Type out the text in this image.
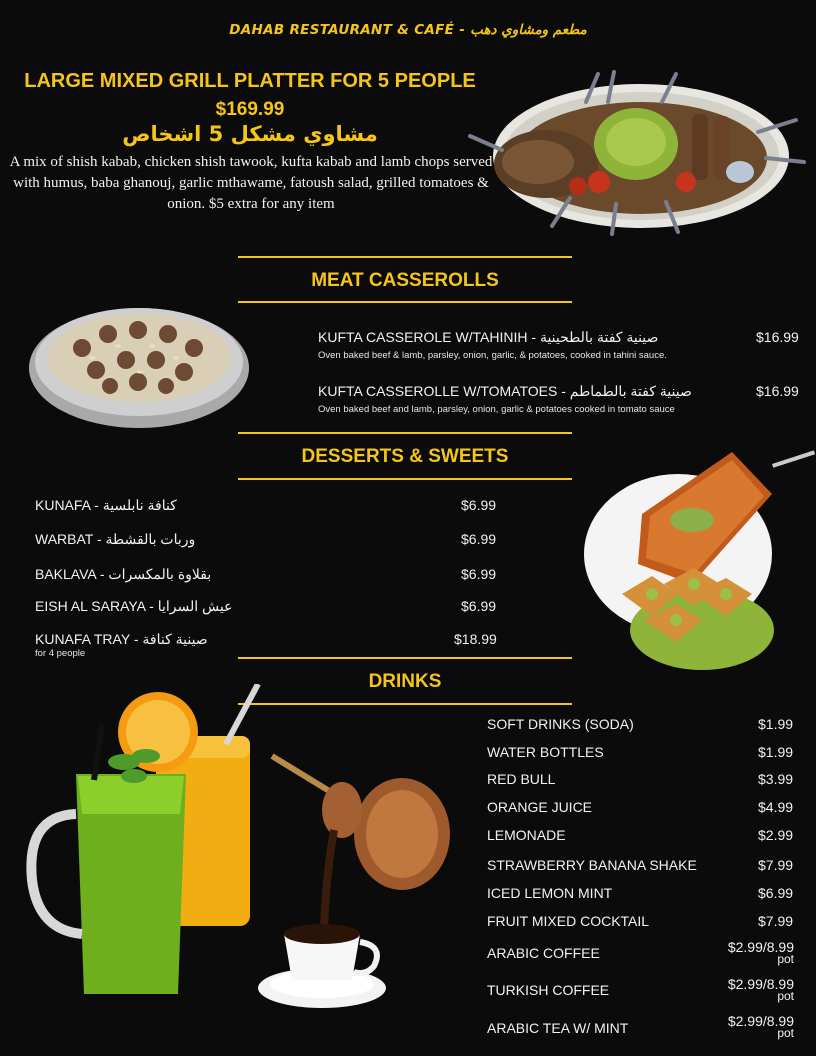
DAHAB RESTAURANT & CAFÉ - مطعم ومشاوي دهب
LARGE MIXED GRILL PLATTER FOR 5 PEOPLE
$169.99
مشاوي مشكل 5 اشخاص
A mix of shish kabab, chicken shish tawook, kufta kabab and lamb chops served with humus, baba ghanouj, garlic mthawame, fatoush salad, grilled tomatoes & onion. $5 extra for any item
MEAT CASSEROLLS
KUFTA CASSEROLE W/TAHINIH - صينية كفتة بالطحينية	$16.99
Oven baked beef & lamb, parsley, onion, garlic, & potatoes, cooked in tahini sauce.
KUFTA CASSEROLLE W/TOMATOES - صينية كفتة بالطماطم	$16.99
Oven baked beef and lamb, parsley, onion, garlic & potatoes cooked in tomato sauce
DESSERTS & SWEETS
KUNAFA - كنافة نابلسية	$6.99
WARBAT - وربات بالقشطة	$6.99
BAKLAVA - بقلاوة بالمكسرات	$6.99
EISH AL SARAYA - عيش السرايا	$6.99
KUNAFA TRAY - صينية كنافة	$18.99
for 4 people
DRINKS
SOFT DRINKS (SODA)	$1.99
WATER BOTTLES	$1.99
RED BULL	$3.99
ORANGE JUICE	$4.99
LEMONADE	$2.99
STRAWBERRY BANANA SHAKE	$7.99
ICED LEMON MINT	$6.99
FRUIT MIXED COCKTAIL	$7.99
ARABIC COFFEE	$2.99/8.99
pot
TURKISH COFFEE	$2.99/8.99
pot
ARABIC TEA W/ MINT	$2.99/8.99
pot
